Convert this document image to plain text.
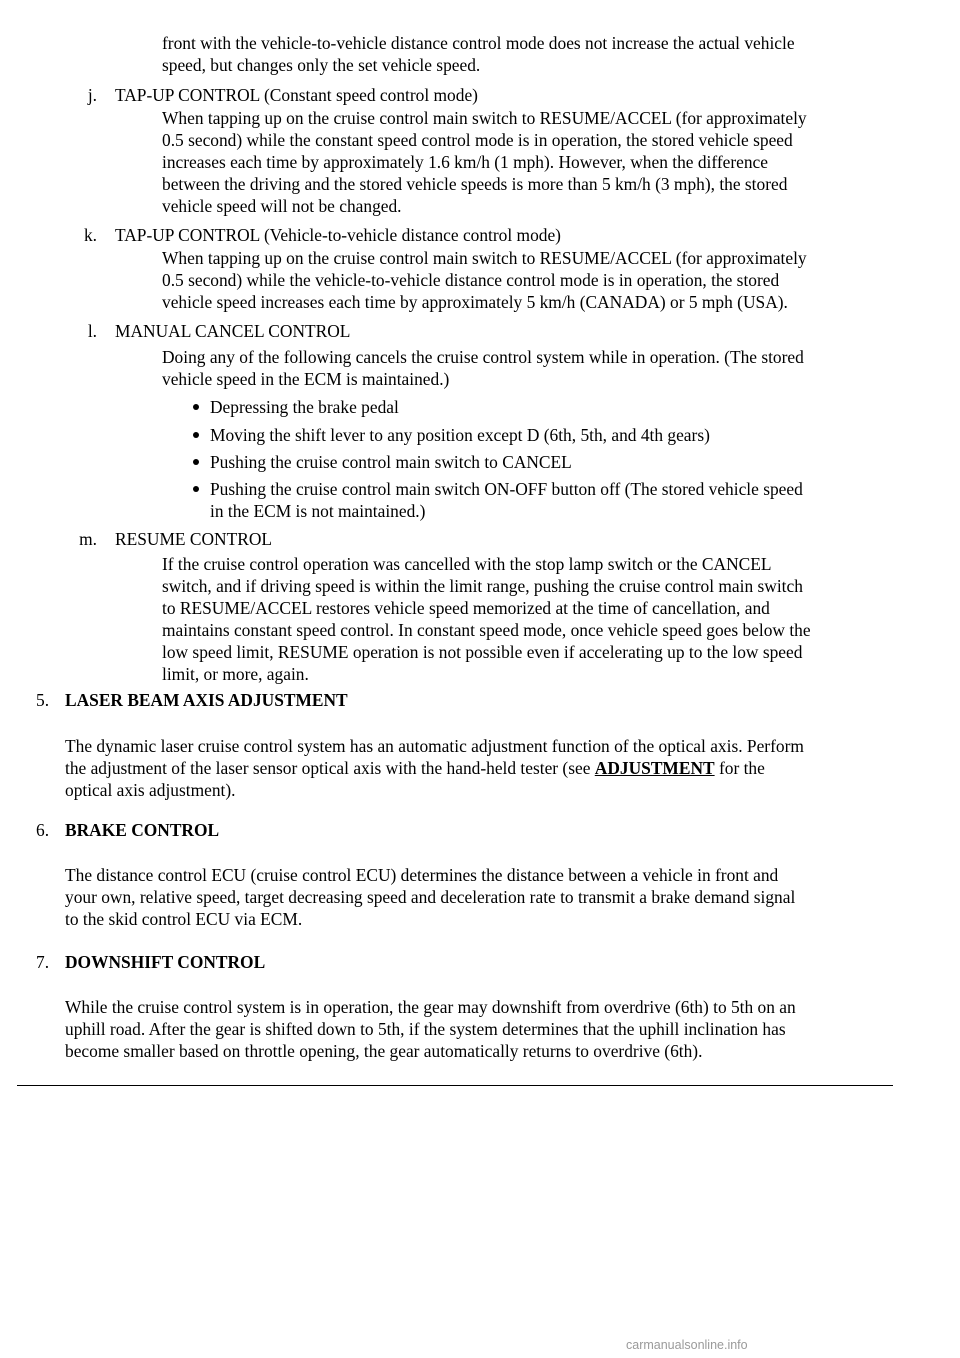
front with the vehicle-to-vehicle distance control mode does not increase the actual vehicle
speed, but changes only the set vehicle speed.
j. TAP-UP CONTROL (Constant speed control mode)
When tapping up on the cruise control main switch to RESUME/ACCEL (for approximately
0.5 second) while the constant speed control mode is in operation, the stored vehicle speed
increases each time by approximately 1.6 km/h (1 mph). However, when the difference
between the driving and the stored vehicle speeds is more than 5 km/h (3 mph), the stored
vehicle speed will not be changed.
k. TAP-UP CONTROL (Vehicle-to-vehicle distance control mode)
When tapping up on the cruise control main switch to RESUME/ACCEL (for approximately
0.5 second) while the vehicle-to-vehicle distance control mode is in operation, the stored
vehicle speed increases each time by approximately 5 km/h (CANADA) or 5 mph (USA).
l. MANUAL CANCEL CONTROL
Doing any of the following cancels the cruise control system while in operation. (The stored
vehicle speed in the ECM is maintained.)
Depressing the brake pedal
Moving the shift lever to any position except D (6th, 5th, and 4th gears)
Pushing the cruise control main switch to CANCEL
Pushing the cruise control main switch ON-OFF button off (The stored vehicle speed
in the ECM is not maintained.)
m. RESUME CONTROL
If the cruise control operation was cancelled with the stop lamp switch or the CANCEL
switch, and if driving speed is within the limit range, pushing the cruise control main switch
to RESUME/ACCEL restores vehicle speed memorized at the time of cancellation, and
maintains constant speed control. In constant speed mode, once vehicle speed goes below the
low speed limit, RESUME operation is not possible even if accelerating up to the low speed
limit, or more, again.
5. LASER BEAM AXIS ADJUSTMENT
The dynamic laser cruise control system has an automatic adjustment function of the optical axis. Perform
the adjustment of the laser sensor optical axis with the hand-held tester (see ADJUSTMENT for the
optical axis adjustment).
6. BRAKE CONTROL
The distance control ECU (cruise control ECU) determines the distance between a vehicle in front and
your own, relative speed, target decreasing speed and deceleration rate to transmit a brake demand signal
to the skid control ECU via ECM.
7. DOWNSHIFT CONTROL
While the cruise control system is in operation, the gear may downshift from overdrive (6th) to 5th on an
uphill road. After the gear is shifted down to 5th, if the system determines that the uphill inclination has
become smaller based on throttle opening, the gear automatically returns to overdrive (6th).
carmanualsonline.info
